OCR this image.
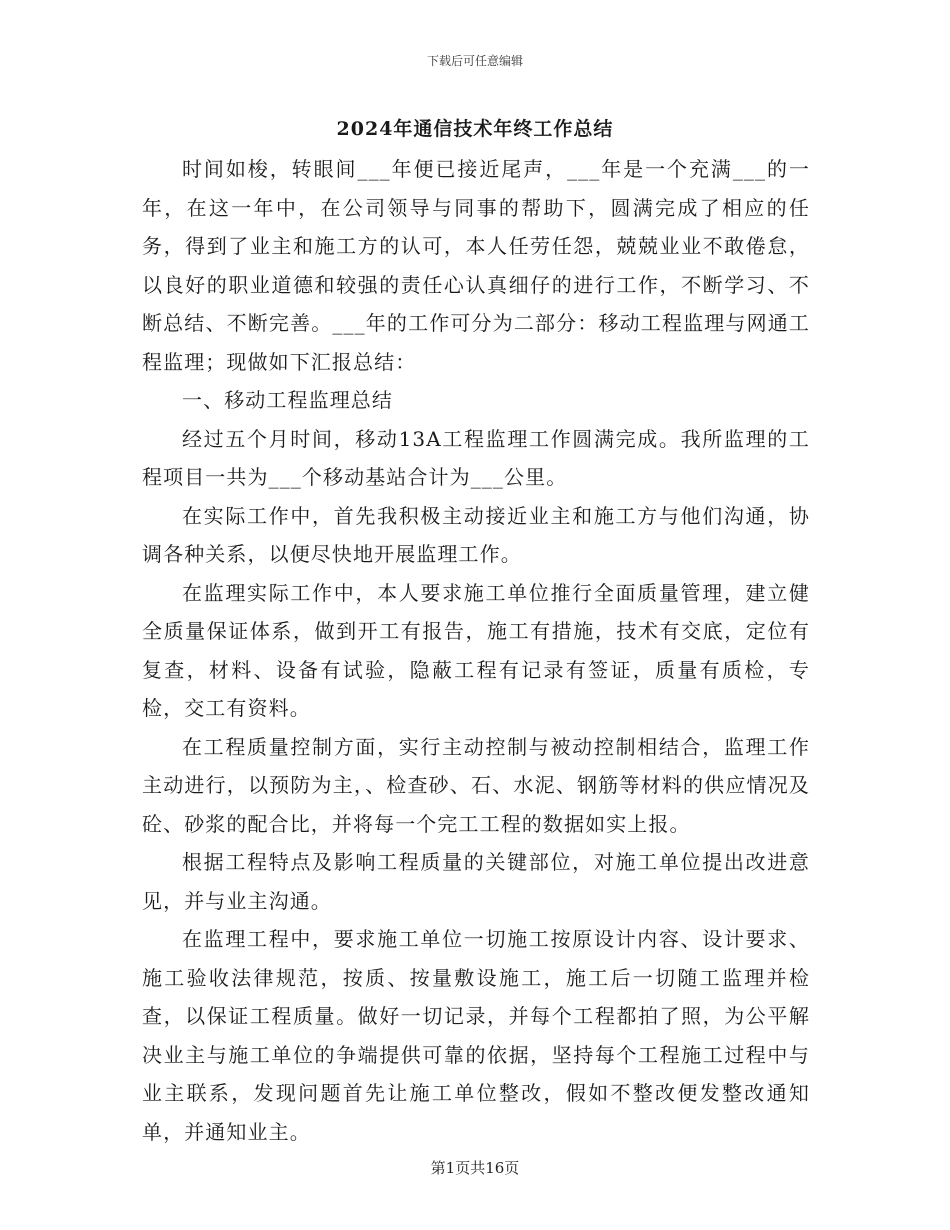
下载后可任意编辑
2024年通信技术年终工作总结

时间如梭，转眼间___年便已接近尾声，___年是一个充满___的一年，在这一年中，在公司领导与同事的帮助下，圆满完成了相应的任务，得到了业主和施工方的认可，本人任劳任怨，兢兢业业不敢倦怠，以良好的职业道德和较强的责任心认真细仔的进行工作，不断学习、不断总结、不断完善。___年的工作可分为二部分：移动工程监理与网通工程监理；现做如下汇报总结：

一、移动工程监理总结

经过五个月时间，移动13A工程监理工作圆满完成。我所监理的工程项目一共为___个移动基站合计为___公里。

在实际工作中，首先我积极主动接近业主和施工方与他们沟通，协调各种关系，以便尽快地开展监理工作。

在监理实际工作中，本人要求施工单位推行全面质量管理，建立健全质量保证体系，做到开工有报告，施工有措施，技术有交底，定位有复查，材料、设备有试验，隐蔽工程有记录有签证，质量有质检，专检，交工有资料。

在工程质量控制方面，实行主动控制与被动控制相结合，监理工作主动进行，以预防为主，、检查砂、石、水泥、钢筋等材料的供应情况及砼、砂浆的配合比，并将每一个完工工程的数据如实上报。

根据工程特点及影响工程质量的关键部位，对施工单位提出改进意见，并与业主沟通。

在监理工程中，要求施工单位一切施工按原设计内容、设计要求、施工验收法律规范，按质、按量敷设施工，施工后一切随工监理并检查，以保证工程质量。做好一切记录，并每个工程都拍了照，为公平解决业主与施工单位的争端提供可靠的依据，坚持每个工程施工过程中与业主联系，发现问题首先让施工单位整改，假如不整改便发整改通知单，并通知业主。

第1页共16页
